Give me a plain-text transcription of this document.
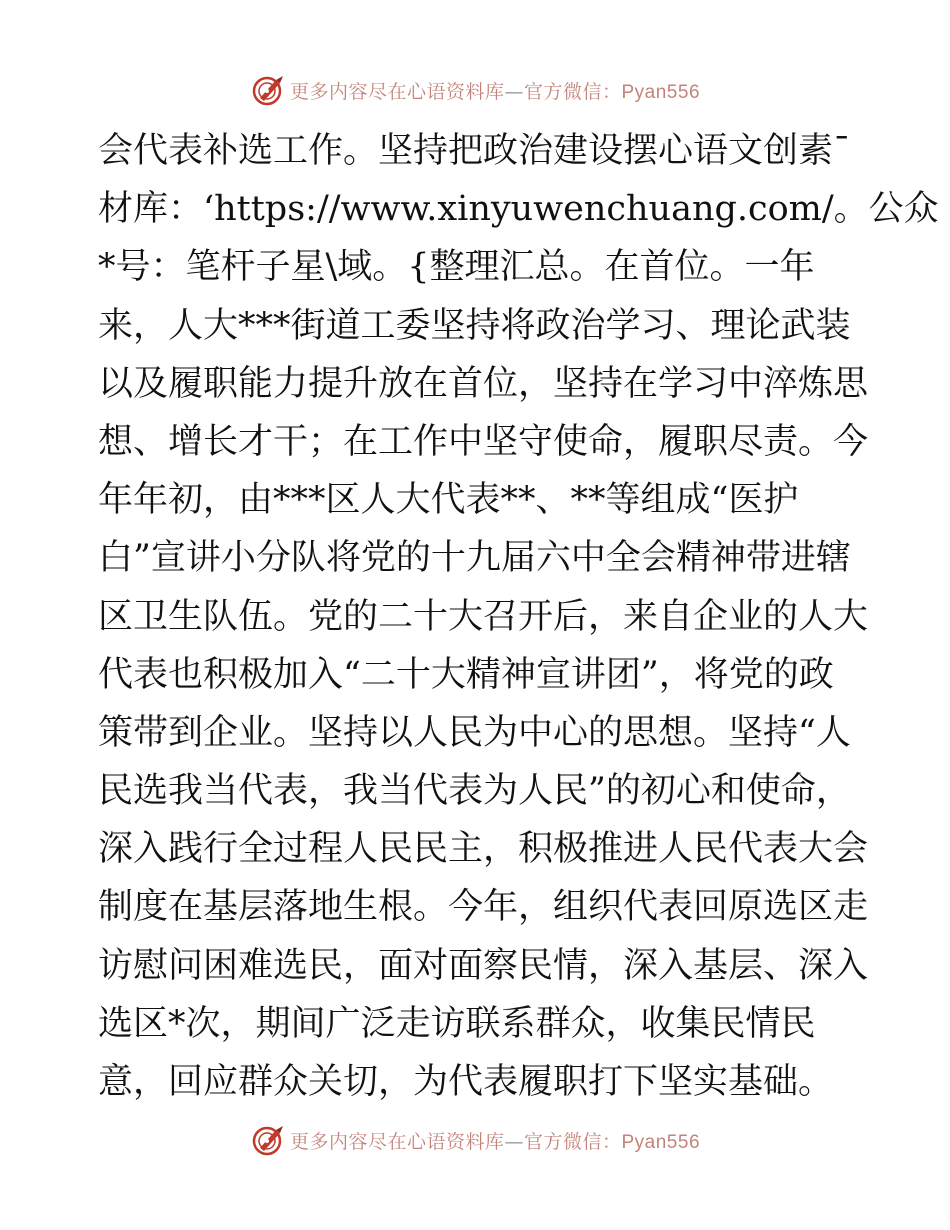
更多内容尽在心语资料库—官方微信：Pyan556
会代表补选工作。坚持把政治建设摆心语文创素¯
材库：‘https://www.xinyuwenchuang.com/。公众
*号：笔杆子星\域。{整理汇总。在首位。一年
来，人大***街道工委坚持将政治学习、理论武装
以及履职能力提升放在首位，坚持在学习中淬炼思
想、增长才干；在工作中坚守使命，履职尽责。今
年年初，由***区人大代表**、**等组成“医护
白”宣讲小分队将党的十九届六中全会精神带进辖
区卫生队伍。党的二十大召开后，来自企业的人大
代表也积极加入“二十大精神宣讲团”，将党的政
策带到企业。坚持以人民为中心的思想。坚持“人
民选我当代表，我当代表为人民”的初心和使命，
深入践行全过程人民民主，积极推进人民代表大会
制度在基层落地生根。今年，组织代表回原选区走
访慰问困难选民，面对面察民情，深入基层、深入
选区*次，期间广泛走访联系群众，收集民情民
意，回应群众关切，为代表履职打下坚实基础。
更多内容尽在心语资料库—官方微信：Pyan556
